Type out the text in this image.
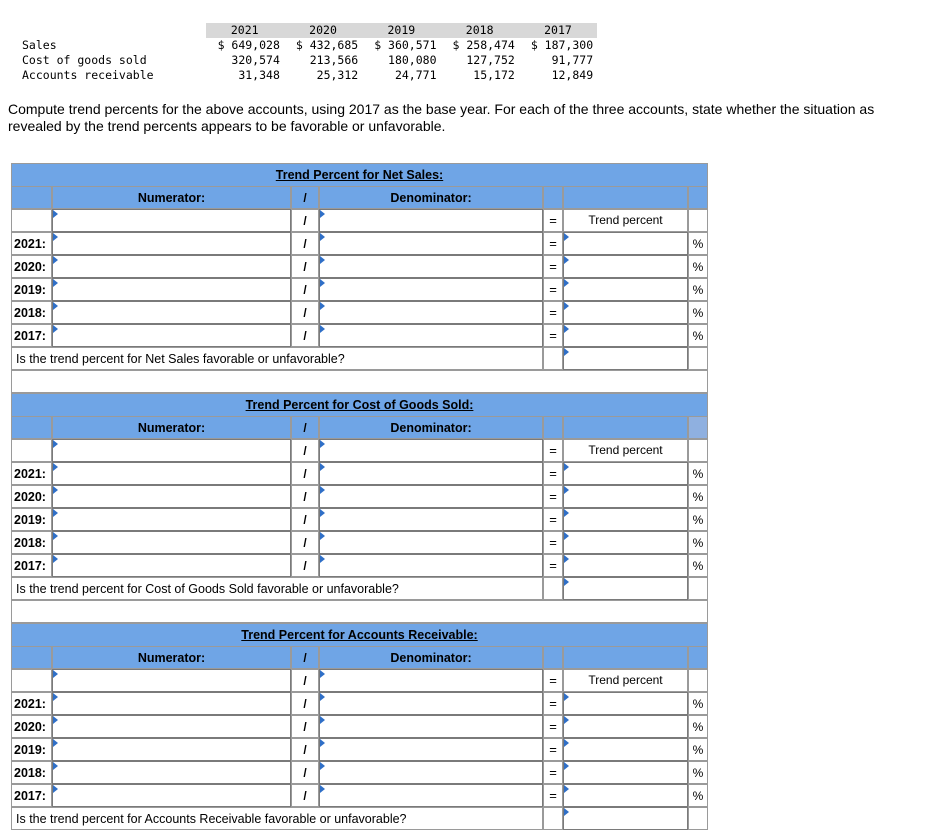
	2021	2020	2019	2018	2017
Sales	$ 649,028	$ 432,685	$ 360,571	$ 258,474	$ 187,300
Cost of goods sold	320,574	213,566	180,080	127,752	91,777
Accounts receivable	31,348	25,312	24,771	15,172	12,849
Compute trend percents for the above accounts, using 2017 as the base year. For each of the three accounts, state whether the situation as revealed by the trend percents appears to be favorable or unfavorable.
Trend Percent for Net Sales:
Numerator:	/	Denominator:
/	=	Trend percent
2021:	/	=	%
2020:	/	=	%
2019:	/	=	%
2018:	/	=	%
2017:	/	=	%
Is the trend percent for Net Sales favorable or unfavorable?
Trend Percent for Cost of Goods Sold:
Numerator:	/	Denominator:
/	=	Trend percent
2021:	/	=	%
2020:	/	=	%
2019:	/	=	%
2018:	/	=	%
2017:	/	=	%
Is the trend percent for Cost of Goods Sold favorable or unfavorable?
Trend Percent for Accounts Receivable:
Numerator:	/	Denominator:
/	=	Trend percent
2021:	/	=	%
2020:	/	=	%
2019:	/	=	%
2018:	/	=	%
2017:	/	=	%
Is the trend percent for Accounts Receivable favorable or unfavorable?
